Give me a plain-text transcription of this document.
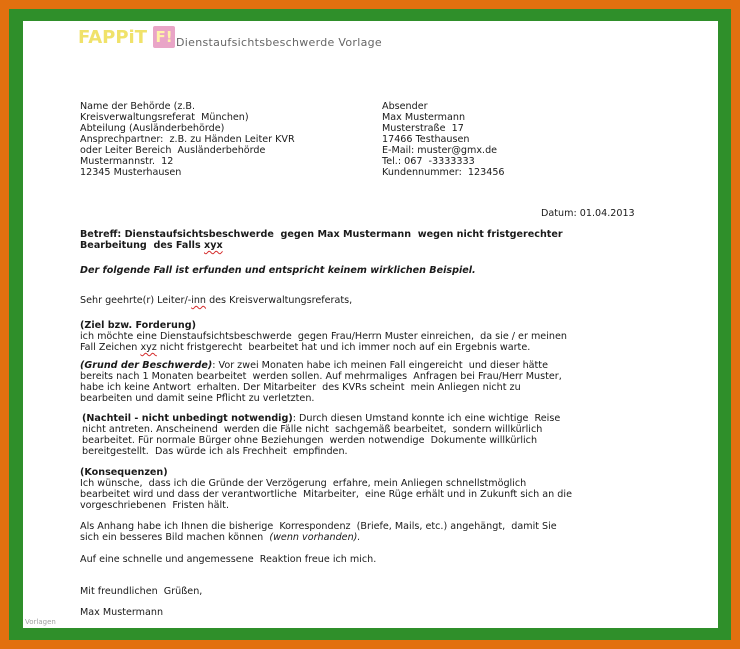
FAPPiT F! Dienstaufsichtsbeschwerde Vorlage
Name der Behörde (z.B.
Kreisverwaltungsreferat  München)
Abteilung (Ausländerbehörde)
Ansprechpartner:  z.B. zu Händen Leiter KVR
oder Leiter Bereich  Ausländerbehörde
Mustermannstr.  12
12345 Musterhausen
Absender
Max Mustermann
Musterstraße  17
17466 Testhausen
E-Mail: muster@gmx.de
Tel.: 067  -3333333
Kundennummer:  123456
Datum: 01.04.2013
Betreff: Dienstaufsichtsbeschwerde  gegen Max Mustermann  wegen nicht fristgerechter
Bearbeitung  des Falls xyx
Der folgende Fall ist erfunden und entspricht keinem wirklichen Beispiel.
Sehr geehrte(r) Leiter/-inn des Kreisverwaltungsreferats,
(Ziel bzw. Forderung)
ich möchte eine Dienstaufsichtsbeschwerde  gegen Frau/Herrn Muster einreichen,  da sie / er meinen
Fall Zeichen xyz nicht fristgerecht  bearbeitet hat und ich immer noch auf ein Ergebnis warte.
(Grund der Beschwerde): Vor zwei Monaten habe ich meinen Fall eingereicht  und dieser hätte
bereits nach 1 Monaten bearbeitet  werden sollen. Auf mehrmaliges  Anfragen bei Frau/Herr Muster,
habe ich keine Antwort  erhalten. Der Mitarbeiter  des KVRs scheint  mein Anliegen nicht zu
bearbeiten und damit seine Pflicht zu verletzten.
(Nachteil - nicht unbedingt notwendig): Durch diesen Umstand konnte ich eine wichtige  Reise
nicht antreten. Anscheinend  werden die Fälle nicht  sachgemäß bearbeitet,  sondern willkürlich
bearbeitet. Für normale Bürger ohne Beziehungen  werden notwendige  Dokumente willkürlich
bereitgestellt.  Das würde ich als Frechheit  empfinden.
(Konsequenzen)
Ich wünsche,  dass ich die Gründe der Verzögerung  erfahre, mein Anliegen schnellstmöglich
bearbeitet wird und dass der verantwortliche  Mitarbeiter,  eine Rüge erhält und in Zukunft sich an die
vorgeschriebenen  Fristen hält.
Als Anhang habe ich Ihnen die bisherige  Korrespondenz  (Briefe, Mails, etc.) angehängt,  damit Sie
sich ein besseres Bild machen können  (wenn vorhanden).
Auf eine schnelle und angemessene  Reaktion freue ich mich.
Mit freundlichen  Grüßen,
Max Mustermann
Vorlagen
